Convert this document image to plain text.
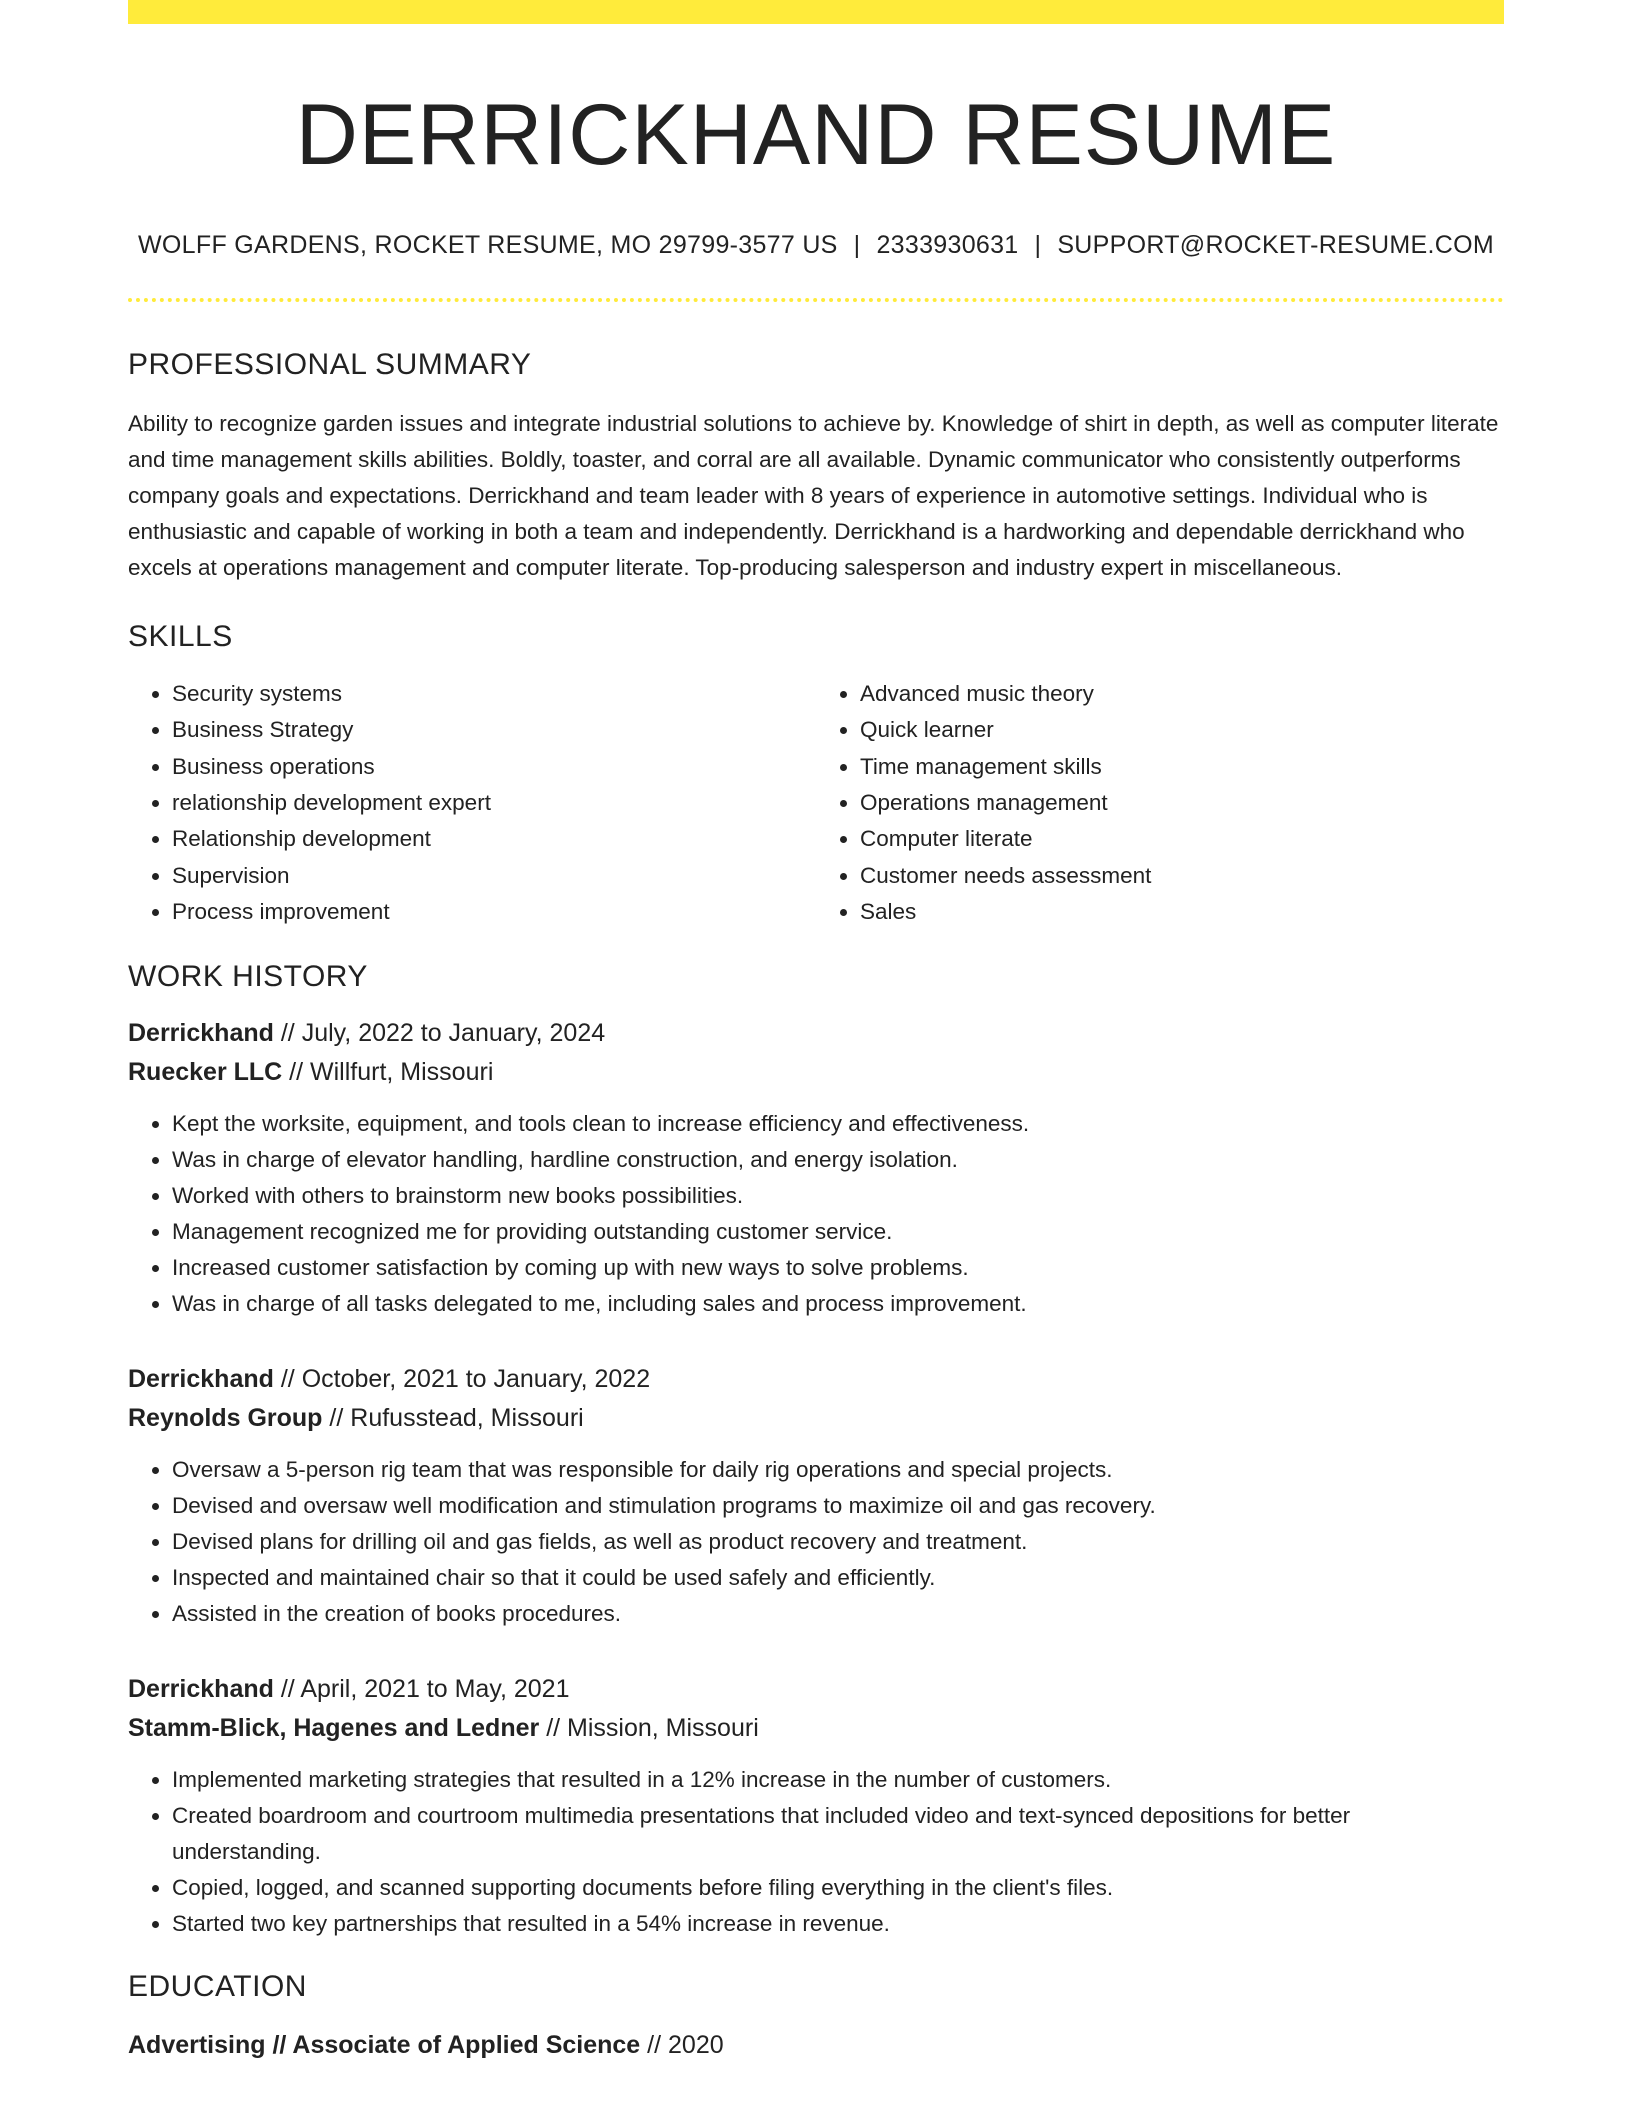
DERRICKHAND RESUME
WOLFF GARDENS, ROCKET RESUME, MO 29799-3577 US | 2333930631 | SUPPORT@ROCKET-RESUME.COM
PROFESSIONAL SUMMARY

Ability to recognize garden issues and integrate industrial solutions to achieve by. Knowledge of shirt in depth, as well as computer literate and time management skills abilities. Boldly, toaster, and corral are all available. Dynamic communicator who consistently outperforms company goals and expectations. Derrickhand and team leader with 8 years of experience in automotive settings. Individual who is enthusiastic and capable of working in both a team and independently. Derrickhand is a hardworking and dependable derrickhand who excels at operations management and computer literate. Top-producing salesperson and industry expert in miscellaneous.

SKILLS
• Security systems
• Business Strategy
• Business operations
• relationship development expert
• Relationship development
• Supervision
• Process improvement
• Advanced music theory
• Quick learner
• Time management skills
• Operations management
• Computer literate
• Customer needs assessment
• Sales
WORK HISTORY
Derrickhand // July, 2022 to January, 2024
Ruecker LLC // Willfurt, Missouri
• Kept the worksite, equipment, and tools clean to increase efficiency and effectiveness.
• Was in charge of elevator handling, hardline construction, and energy isolation.
• Worked with others to brainstorm new books possibilities.
• Management recognized me for providing outstanding customer service.
• Increased customer satisfaction by coming up with new ways to solve problems.
• Was in charge of all tasks delegated to me, including sales and process improvement.
Derrickhand // October, 2021 to January, 2022
Reynolds Group // Rufusstead, Missouri
• Oversaw a 5-person rig team that was responsible for daily rig operations and special projects.
• Devised and oversaw well modification and stimulation programs to maximize oil and gas recovery.
• Devised plans for drilling oil and gas fields, as well as product recovery and treatment.
• Inspected and maintained chair so that it could be used safely and efficiently.
• Assisted in the creation of books procedures.
Derrickhand // April, 2021 to May, 2021
Stamm-Blick, Hagenes and Ledner // Mission, Missouri
• Implemented marketing strategies that resulted in a 12% increase in the number of customers.
• Created boardroom and courtroom multimedia presentations that included video and text-synced depositions for better understanding.
• Copied, logged, and scanned supporting documents before filing everything in the client's files.
• Started two key partnerships that resulted in a 54% increase in revenue.
EDUCATION
Advertising // Associate of Applied Science // 2020
